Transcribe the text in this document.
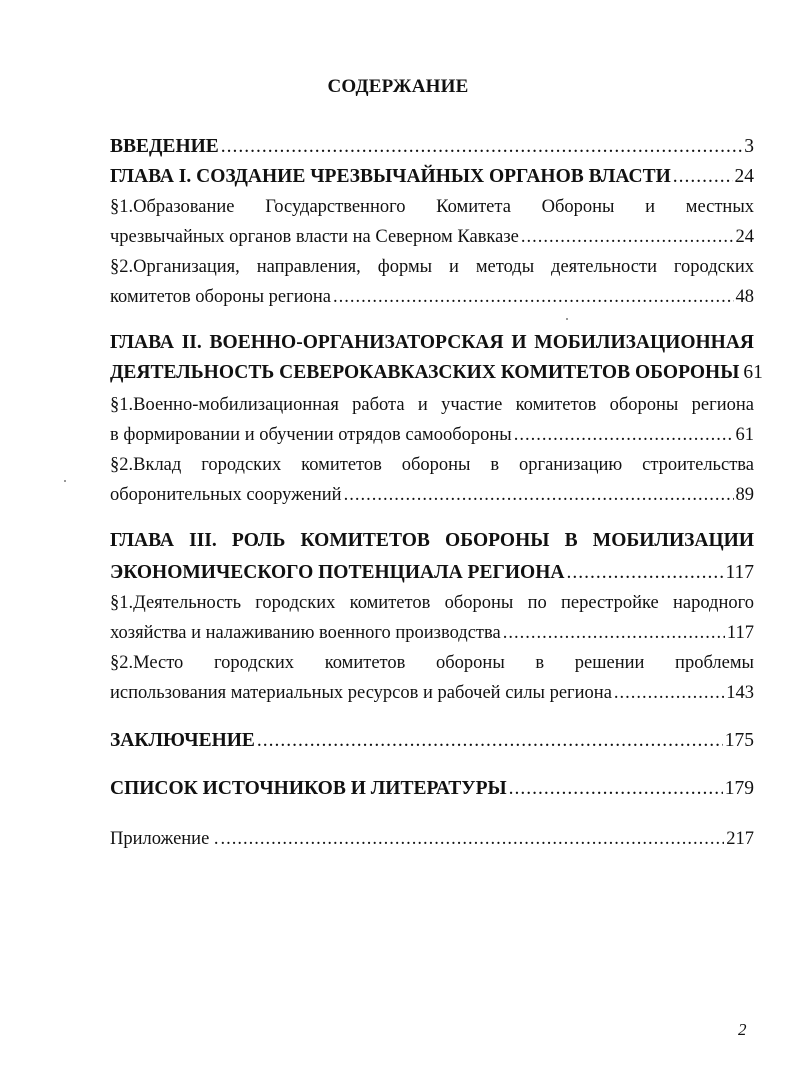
СОДЕРЖАНИЕ
ВВЕДЕНИЕ .....	3
ГЛАВА I. СОЗДАНИЕ ЧРЕЗВЫЧАЙНЫХ ОРГАНОВ ВЛАСТИ .....	24
§1.Образование Государственного Комитета Обороны и местных
чрезвычайных органов власти на Северном Кавказе .....	24
§2.Организация, направления, формы и методы деятельности городских
комитетов обороны региона .....	48
ГЛАВА II. ВОЕННО-ОРГАНИЗАТОРСКАЯ И МОБИЛИЗАЦИОННАЯ
ДЕЯТЕЛЬНОСТЬ СЕВЕРОКАВКАЗСКИХ КОМИТЕТОВ ОБОРОНЫ 61
§1.Военно-мобилизационная работа и участие комитетов обороны региона
в формировании и обучении отрядов самообороны .....	61
§2.Вклад городских комитетов обороны в организацию строительства
оборонительных сооружений .....	89
ГЛАВА III. РОЛЬ КОМИТЕТОВ ОБОРОНЫ В МОБИЛИЗАЦИИ
ЭКОНОМИЧЕСКОГО ПОТЕНЦИАЛА РЕГИОНА .....	117
§1.Деятельность городских комитетов обороны по перестройке народного
хозяйства и налаживанию военного производства .....	117
§2.Место городских комитетов обороны в решении проблемы
использования материальных ресурсов и рабочей силы региона .....	143
ЗАКЛЮЧЕНИЕ .....	175
СПИСОК ИСТОЧНИКОВ И ЛИТЕРАТУРЫ .....	179
Приложение . .....	217
2
